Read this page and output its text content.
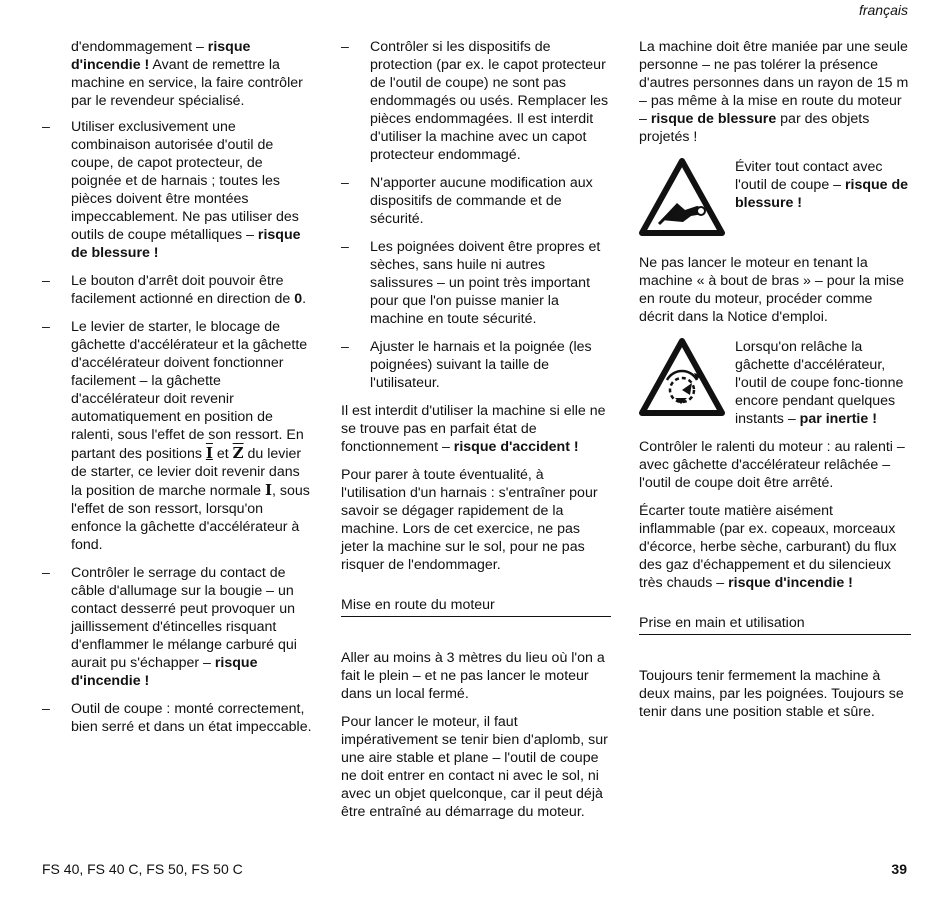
français

d'endommagement – risque d'incendie ! Avant de remettre la machine en service, la faire contrôler par le revendeur spécialisé.

– Utiliser exclusivement une combinaison autorisée d'outil de coupe, de capot protecteur, de poignée et de harnais ; toutes les pièces doivent être montées impeccablement. Ne pas utiliser des outils de coupe métalliques – risque de blessure !
– Le bouton d'arrêt doit pouvoir être facilement actionné en direction de 0.
– Le levier de starter, le blocage de gâchette d'accélérateur et la gâchette d'accélérateur doivent fonctionner facilement – la gâchette d'accélérateur doit revenir automatiquement en position de ralenti, sous l'effet de son ressort. En partant des positions I et $\overline{Z}$ du levier de starter, ce levier doit revenir dans la position de marche normale I, sous l'effet de son ressort, lorsqu'on enfonce la gâchette d'accélérateur à fond.
– Contrôler le serrage du contact de câble d'allumage sur la bougie – un contact desserré peut provoquer un jaillissement d'étincelles risquant d'enflammer le mélange carburé qui aurait pu s'échapper – risque d'incendie !
– Outil de coupe : monté correctement, bien serré et dans un état impeccable.
– Contrôler si les dispositifs de protection (par ex. le capot protecteur de l'outil de coupe) ne sont pas endommagés ou usés. Remplacer les pièces endommagées. Il est interdit d'utiliser la machine avec un capot protecteur endommagé.
– N'apporter aucune modification aux dispositifs de commande et de sécurité.
– Les poignées doivent être propres et sèches, sans huile ni autres salissures – un point très important pour que l'on puisse manier la machine en toute sécurité.
– Ajuster le harnais et la poignée (les poignées) suivant la taille de l'utilisateur.

Il est interdit d'utiliser la machine si elle ne se trouve pas en parfait état de fonctionnement – risque d'accident !

Pour parer à toute éventualité, à l'utilisation d'un harnais : s'entraîner pour savoir se dégager rapidement de la machine. Lors de cet exercice, ne pas jeter la machine sur le sol, pour ne pas risquer de l'endommager.

Mise en route du moteur

Aller au moins à 3 mètres du lieu où l'on a fait le plein – et ne pas lancer le moteur dans un local fermé.

Pour lancer le moteur, il faut impérativement se tenir bien d'aplomb, sur une aire stable et plane – l'outil de coupe ne doit entrer en contact ni avec le sol, ni avec un objet quelconque, car il peut déjà être entraîné au démarrage du moteur.

La machine doit être maniée par une seule personne – ne pas tolérer la présence d'autres personnes dans un rayon de 15 m – pas même à la mise en route du moteur – risque de blessure par des objets projetés !

Éviter tout contact avec l'outil de coupe – risque de blessure !

Ne pas lancer le moteur en tenant la machine « à bout de bras » – pour la mise en route du moteur, procéder comme décrit dans la Notice d'emploi.

Lorsqu'on relâche la gâchette d'accélérateur, l'outil de coupe fonc-tionne encore pendant quelques instants – par inertie !

Contrôler le ralenti du moteur : au ralenti – avec gâchette d'accélérateur relâchée – l'outil de coupe doit être arrêté.

Écarter toute matière aisément inflammable (par ex. copeaux, morceaux d'écorce, herbe sèche, carburant) du flux des gaz d'échappement et du silencieux très chauds – risque d'incendie !

Prise en main et utilisation

Toujours tenir fermement la machine à deux mains, par les poignées. Toujours se tenir dans une position stable et sûre.

FS 40, FS 40 C, FS 50, FS 50 C	39
